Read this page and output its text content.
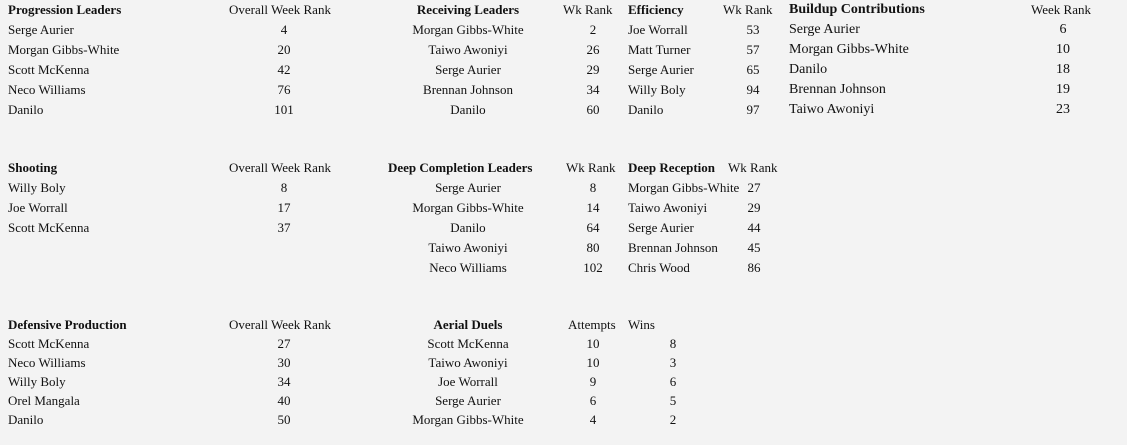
Progression Leaders	Overall Week Rank
Serge Aurier	4
Morgan Gibbs-White	20
Scott McKenna	42
Neco Williams	76
Danilo	101
Receiving Leaders	Wk Rank
Morgan Gibbs-White	2
Taiwo Awoniyi	26
Serge Aurier	29
Brennan Johnson	34
Danilo	60
Efficiency	Wk Rank
Joe Worrall	53
Matt Turner	57
Serge Aurier	65
Willy Boly	94
Danilo	97
Buildup Contributions	Week Rank
Serge Aurier	6
Morgan Gibbs-White	10
Danilo	18
Brennan Johnson	19
Taiwo Awoniyi	23
Shooting	Overall Week Rank
Willy Boly	8
Joe Worrall	17
Scott McKenna	37
Deep Completion Leaders	Wk Rank
Serge Aurier	8
Morgan Gibbs-White	14
Danilo	64
Taiwo Awoniyi	80
Neco Williams	102
Deep Reception Wk Rank
Morgan Gibbs-White 27
Taiwo Awoniyi	29
Serge Aurier	44
Brennan Johnson	45
Chris Wood	86
Defensive Production	Overall Week Rank
Scott McKenna	27
Neco Williams	30
Willy Boly	34
Orel Mangala	40
Danilo	50
Aerial Duels	Attempts Wins
Scott McKenna	10	8
Taiwo Awoniyi	10	3
Joe Worrall	9	6
Serge Aurier	6	5
Morgan Gibbs-White	4	2
